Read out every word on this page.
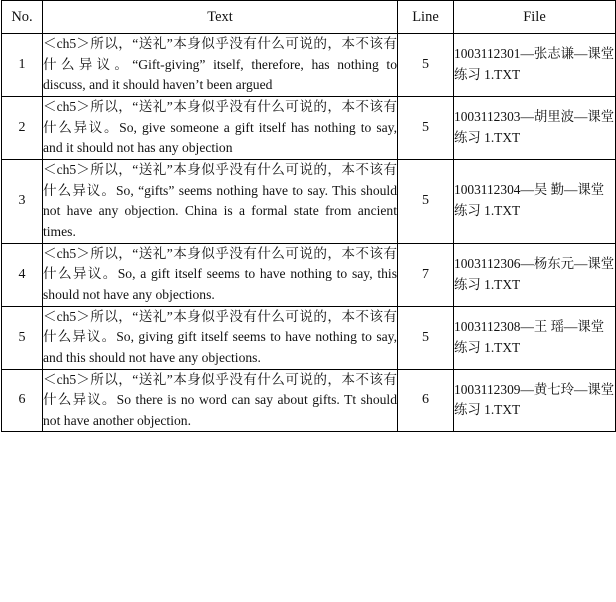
No.	Text	Line	File
1	＜ch5＞所以，“送礼”本身似乎没有什么可说的，本不该有什么异议。“Gift-giving” itself, therefore, has nothing to discuss, and it should haven’t been argued	5	1003112301—张志谦—课堂练习 1.TXT
2	＜ch5＞所以，“送礼”本身似乎没有什么可说的，本不该有什么异议。So, give someone a gift itself has nothing to say, and it should not has any objection	5	1003112303—胡里波—课堂练习 1.TXT
3	＜ch5＞所以，“送礼”本身似乎没有什么可说的，本不该有什么异议。So, “gifts” seems nothing have to say. This should not have any objection. China is a formal state from ancient times.	5	1003112304—吴 勤—课堂练习 1.TXT
4	＜ch5＞所以，“送礼”本身似乎没有什么可说的，本不该有什么异议。So, a gift itself seems to have nothing to say, this should not have any objections.	7	1003112306—杨东元—课堂练习 1.TXT
5	＜ch5＞所以，“送礼”本身似乎没有什么可说的，本不该有什么异议。So, giving gift itself seems to have nothing to say, and this should not have any objections.	5	1003112308—王 瑶—课堂练习 1.TXT
6	＜ch5＞所以，“送礼”本身似乎没有什么可说的，本不该有什么异议。So there is no word can say about gifts. Tt should not have another objection.	6	1003112309—黄七玲—课堂练习 1.TXT
